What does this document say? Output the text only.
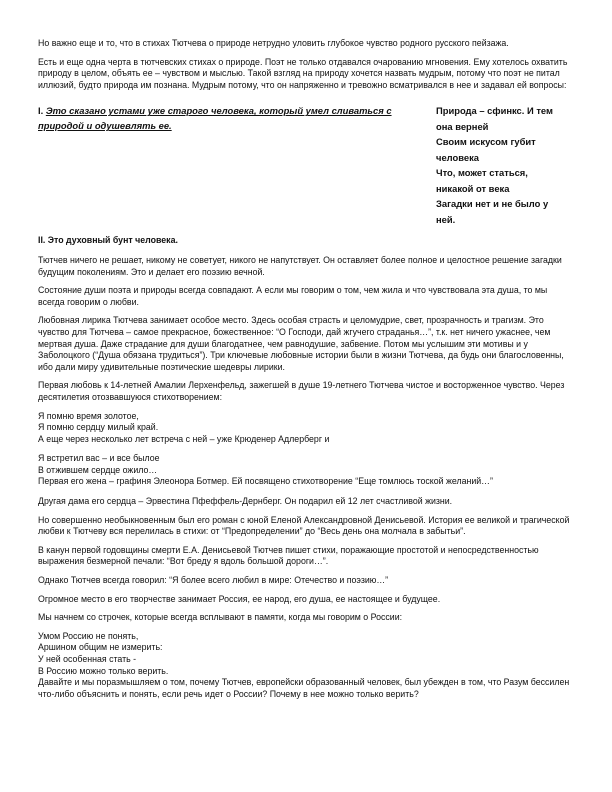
Но важно еще и то, что в стихах Тютчева о природе нетрудно уловить глубокое чувство родного русского пейзажа.

Есть и еще одна черта в тютчевских стихах о природе. Поэт не только отдавался очарованию мгновения. Ему хотелось охватить природу в целом, объять ее – чувством и мыслью. Такой взгляд на природу хочется назвать мудрым, потому что поэт не питал иллюзий, будто природа им познана. Мудрым потому, что он напряженно и тревожно всматривался в нее и задавал ей вопросы:

I. Это сказано устами уже старого человека, который умел сливаться с природой и одушевлять ее.
Природа – сфинкс. И тем
она верней
Своим искусом губит
человека
Что, может статься,
никакой от века
Загадки нет и не было у
ней.
II. Это духовный бунт человека.

Тютчев ничего не решает, никому не советует, никого не напутствует. Он оставляет более полное и целостное решение загадки будущим поколениям. Это и делает его поэзию вечной.

Состояние души поэта и природы всегда совпадают. А если мы говорим о том, чем жила и что чувствовала эта душа, то мы всегда говорим о любви.

Любовная лирика Тютчева занимает особое место. Здесь особая страсть и целомудрие, свет, прозрачность и трагизм. Это чувство для Тютчева – самое прекрасное, божественное: “О Господи, дай жгучего страданья…”, т.к. нет ничего ужаснее, чем мертвая душа. Даже страдание для души благодатнее, чем равнодушие, забвение. Потом мы услышим эти мотивы и у Заболоцкого (“Душа обязана трудиться”). Три ключевые любовные истории были в жизни Тютчева, да будь они благословенны, ибо дали миру удивительные поэтические шедевры лирики.

Первая любовь к 14-летней Амалии Лерхенфельд, зажегшей в душе 19-летнего Тютчева чистое и восторженное чувство. Через десятилетия отозвавшуюся стихотворением:

Я помню время золотое,
Я помню сердцу милый край.
А еще через несколько лет встреча с ней – уже Крюденер Адлерберг и
Я встретил вас – и все былое
В отжившем сердце ожило…
Первая его жена – графиня Элеонора Ботмер. Ей посвящено стихотворение “Еще томлюсь тоской желаний…”

Другая дама его сердца – Эрвестина Пфеффель-Дернберг. Он подарил ей 12 лет счастливой жизни.

Но совершенно необыкновенным был его роман с юной Еленой Александровной Денисьевой. История ее великой и трагической любви к Тютчеву вся перелилась в стихи: от “Предопределении” до “Весь день она молчала в забытьи”.

В канун первой годовщины смерти Е.А. Денисьевой Тютчев пишет стихи, поражающие простотой и непосредственностью выражения безмерной печали: “Вот бреду я вдоль большой дороги…”.

Однако Тютчев всегда говорил: “Я более всего любил в мире: Отечество и поэзию…”

Огромное место в его творчестве занимает Россия, ее народ, его душа, ее настоящее и будущее.

Мы начнем со строчек, которые всегда всплывают в памяти, когда мы говорим о России:

Умом Россию не понять,
Аршином общим не измерить:
У ней особенная стать -
В Россию можно только верить.
Давайте и мы поразмышляем о том, почему Тютчев, европейски образованный человек, был убежден в том, что Разум бессилен что-либо объяснить и понять, если речь идет о России? Почему в нее можно только верить?
